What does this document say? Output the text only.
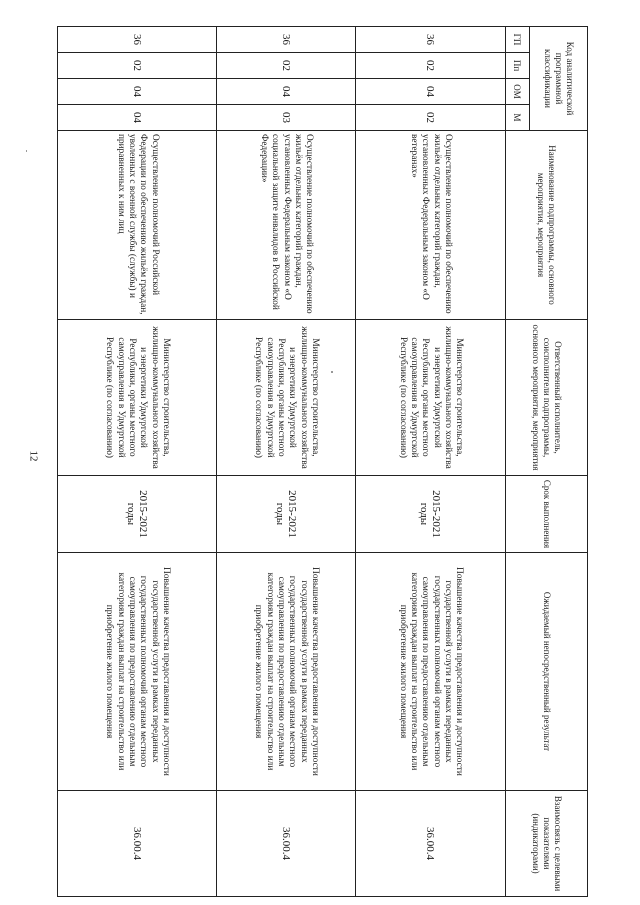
12
Код аналитической программной классификации				Наименование подпрограммы, основного мероприятия, мероприятия	Ответственный исполнитель, соисполнители подпрограммы, основного мероприятия, мероприятия	Срок выполнения	Ожидаемый непосредственный результат	Взаимосвязь с целевыми показателями (индикаторами)
ГП	Пп	ОМ	М					
36	02	04	02	Осуществление полномочий по обеспечению жильём отдельных категорий граждан, установленных Федеральным законом «О ветеранах»	Министерство строительства, жилищно-коммунального хозяйства и энергетики Удмуртской Республики, органы местного самоуправления в Удмуртской Республике (по согласованию)	2015-2021 годы	Повышение качества предоставления и доступности государственной услуги в рамках переданных государственных полномочий органам местного самоуправления по предоставлению отдельным категориям граждан выплат на строительство или приобретение жилого помещения	36.00.4
36	02	04	03	Осуществление полномочий по обеспечению жильём отдельных категорий граждан, установленных Федеральным законом «О социальной защите инвалидов в Российской Федерации»	Министерство строительства, жилищно-коммунального хозяйства и энергетики Удмуртской Республики, органы местного самоуправления в Удмуртской Республике (по согласованию)	2015-2021 годы	Повышение качества предоставления и доступности государственной услуги в рамках переданных государственных полномочий органам местного самоуправления по предоставлению отдельным категориям граждан выплат на строительство или приобретение жилого помещения	36.00.4
36	02	04	04	Осуществление полномочий Российской Федерации по обеспечению жильём граждан, уволенных с военной службы (службы) и приравненных к ним лиц	Министерство строительства, жилищно-коммунального хозяйства и энергетики Удмуртской Республики, органы местного самоуправления в Удмуртской Республике (по согласованию)	2015-2021 годы	Повышение качества предоставления и доступности государственной услуги в рамках переданных государственных полномочий органам местного самоуправления по предоставлению отдельным категориям граждан выплат на строительство или приобретение жилого помещения	36.00.4
